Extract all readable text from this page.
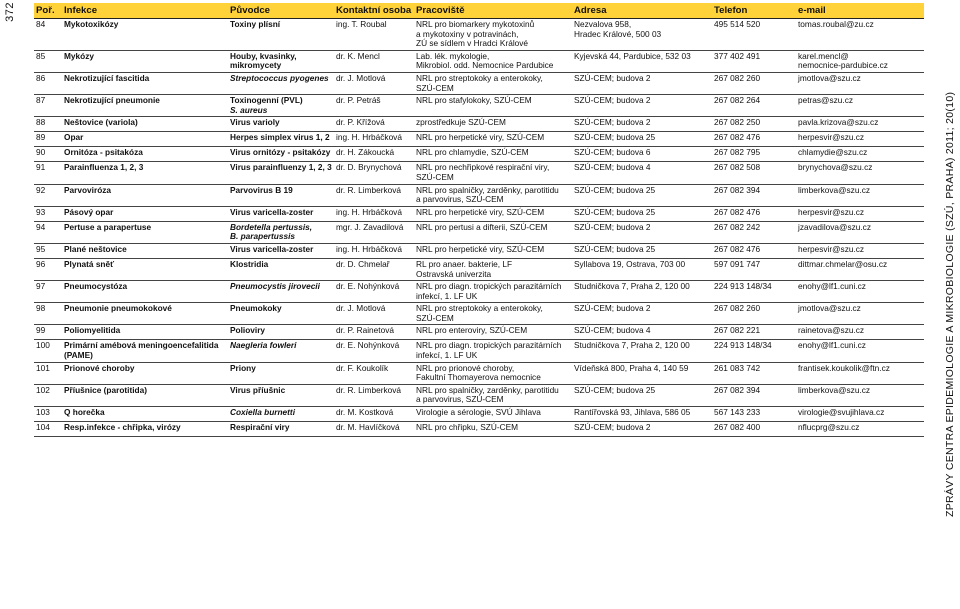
372
ZPRÁVY CENTRA EPIDEMIOLOGIE A MIKROBIOLOGIE (SZÚ, PRAHA) 2011; 20(10)
Poř.	Infekce	Původce	Kontaktní osoba	Pracoviště	Adresa	Telefon	e-mail
84	Mykotoxikózy	Toxiny plísní	ing. T. Roubal	NRL pro biomarkery mykotoxinů
a mykotoxiny v potravinách,
ZÚ se sídlem v Hradci Králové	Nezvalova 958,
Hradec Králové, 500 03	495 514 520	tomas.roubal@zu.cz

85	Mykózy	Houby, kvasinky,
mikromycety	dr. K. Mencl	Lab. lék. mykologie,
Mikrobiol. odd. Nemocnice Pardubice	Kyjevská 44, Pardubice, 532 03	377 402 491	karel.mencl@
nemocnice-pardubice.cz

86	Nekrotizující fascitida	Streptococcus pyogenes	dr. J. Motlová	NRL pro streptokoky a enterokoky,
SZÚ-CEM	SZÚ-CEM; budova 2	267 082 260	jmotlova@szu.cz

87	Nekrotizující pneumonie	Toxinogenní (PVL)
S. aureus	dr. P. Petráš	NRL pro stafylokoky, SZÚ-CEM	SZÚ-CEM; budova 2	267 082 264	petras@szu.cz

88	Neštovice (variola)	Virus varioly	dr. P. Křížová	zprostředkuje SZÚ-CEM	SZÚ-CEM; budova 2	267 082 250	pavla.krizova@szu.cz

89	Opar	Herpes simplex virus 1, 2	ing. H. Hrbáčková	NRL pro herpetické viry, SZÚ-CEM	SZÚ-CEM; budova 25	267 082 476	herpesvir@szu.cz

90	Ornitóza - psitakóza	Virus ornitózy - psitakózy	dr. H. Zákoucká	NRL pro chlamydie, SZÚ-CEM	SZÚ-CEM; budova 6	267 082 795	chlamydie@szu.cz

91	Parainfluenza 1, 2, 3	Virus parainfluenzy 1, 2, 3	dr. D. Brynychová	NRL pro nechřipkové respirační viry,
SZÚ-CEM	SZÚ-CEM; budova 4	267 082 508	brynychova@szu.cz

92	Parvoviróza	Parvovirus B 19	dr. R. Limberková	NRL pro spalničky, zarděnky, parotitidu
a parvovirus, SZÚ-CEM	SZÚ-CEM; budova 25	267 082 394	limberkova@szu.cz

93	Pásový opar	Virus varicella-zoster	ing. H. Hrbáčková	NRL pro herpetické viry, SZÚ-CEM	SZÚ-CEM; budova 25	267 082 476	herpesvir@szu.cz

94	Pertuse a parapertuse	Bordetella pertussis,
B. parapertussis	mgr. J. Zavadilová	NRL pro pertusi a difterii, SZÚ-CEM	SZÚ-CEM; budova 2	267 082 242	jzavadilova@szu.cz

95	Plané neštovice	Virus varicella-zoster	ing. H. Hrbáčková	NRL pro herpetické viry, SZÚ-CEM	SZÚ-CEM; budova 25	267 082 476	herpesvir@szu.cz

96	Plynatá sněť	Klostridia	dr. D. Chmelař	RL pro anaer. bakterie, LF
Ostravská univerzita	Syllabova 19, Ostrava, 703 00	597 091 747	dittmar.chmelar@osu.cz

97	Pneumocystóza	Pneumocystis jirovecii	dr. E. Nohýnková	NRL pro diagn. tropických parazitárních
infekcí, 1. LF UK	Studničkova 7, Praha 2, 120 00	224 913 148/34	enohy@lf1.cuni.cz

98	Pneumonie pneumokokové	Pneumokoky	dr. J. Motlová	NRL pro streptokoky a enterokoky,
SZÚ-CEM	SZÚ-CEM; budova 2	267 082 260	jmotlova@szu.cz

99	Poliomyelitida	Polioviry	dr. P. Rainetová	NRL pro enteroviry, SZÚ-CEM	SZÚ-CEM; budova 4	267 082 221	rainetova@szu.cz

100	Primární amébová meningoencefalitida
(PAME)	Naegleria fowleri	dr. E. Nohýnková	NRL pro diagn. tropických parazitárních
infekcí, 1. LF UK	Studničkova 7, Praha 2, 120 00	224 913 148/34	enohy@lf1.cuni.cz

101	Prionové choroby	Priony	dr. F. Koukolík	NRL pro prionové choroby,
Fakultní Thomayerova nemocnice	Vídeňská 800, Praha 4, 140 59	261 083 742	frantisek.koukolik@ftn.cz

102	Příušnice (parotitida)	Virus příušnic	dr. R. Limberková	NRL pro spalničky, zarděnky, parotitidu
a parvovirus, SZÚ-CEM	SZÚ-CEM; budova 25	267 082 394	limberkova@szu.cz

103	Q horečka	Coxiella burnetti	dr. M. Kostková	Virologie a sérologie, SVÚ Jihlava	Rantířovská 93, Jihlava, 586 05	567 143 233	virologie@svujihlava.cz

104	Resp.infekce - chřipka, virózy	Respirační viry	dr. M. Havlíčková	NRL pro chřipku, SZÚ-CEM	SZÚ-CEM; budova 2	267 082 400	nflucprg@szu.cz
